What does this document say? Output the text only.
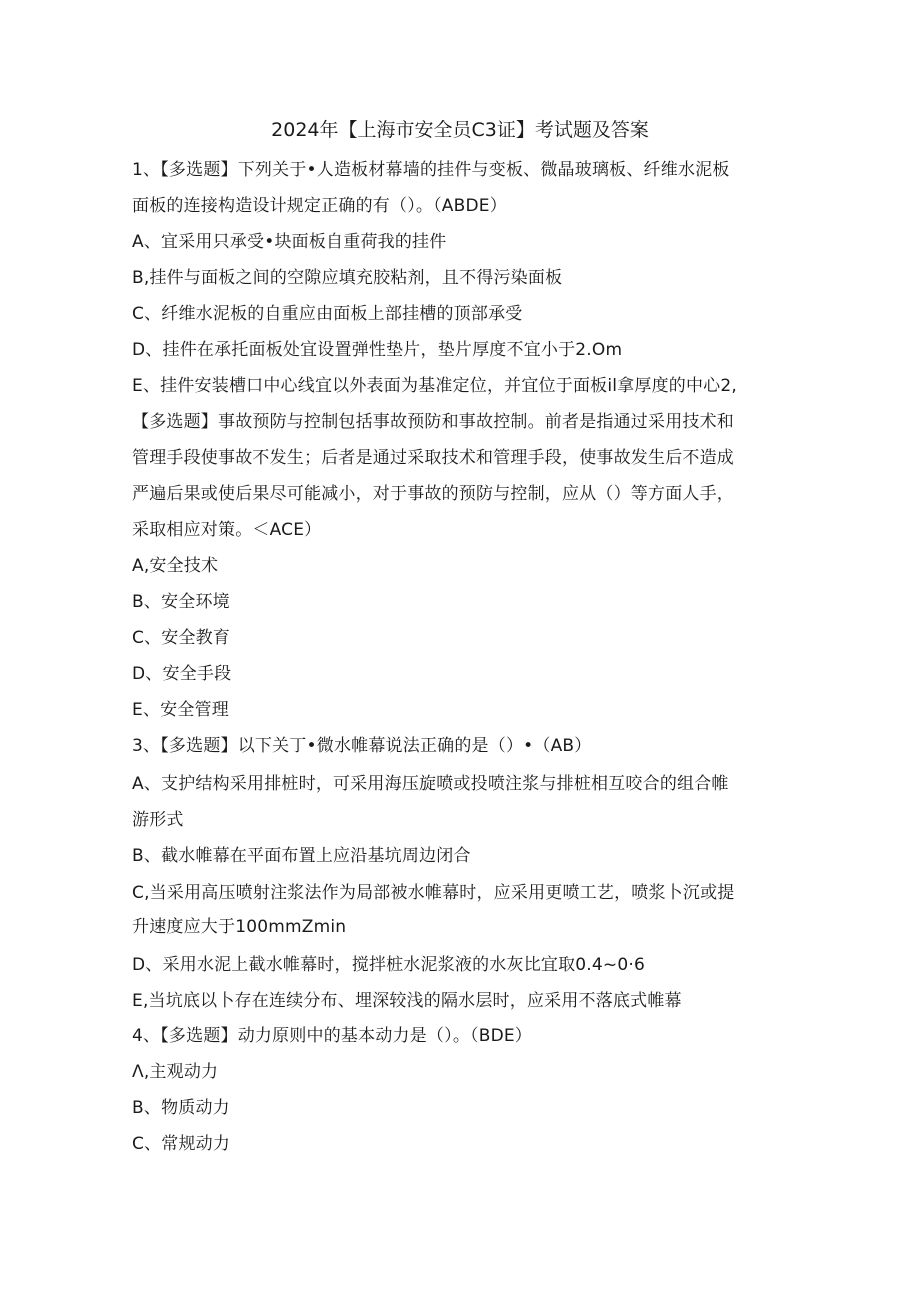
2024年【上海市安全员C3证】考试题及答案
1、【多选题】下列关于•人造板材幕墙的挂件与变板、微晶玻璃板、纤维水泥板
面板的连接构造设计规定正确的有（）。（ABDE）
A、宜采用只承受•块面板自重荷我的挂件
B,挂件与面板之间的空隙应填充胶粘剂，且不得污染面板
C、纤维水泥板的自重应由面板上部挂槽的顶部承受
D、挂件在承托面板处宜设置弹性垫片，垫片厚度不宜小于2.Om
E、挂件安装槽口中心线宜以外表面为基准定位，并宜位于面板il拿厚度的中心2,
【多选题】事故预防与控制包括事故预防和事故控制。前者是指通过采用技术和
管理手段使事故不发生；后者是通过采取技术和管理手段，使事故发生后不造成
严遍后果或使后果尽可能减小，对于事故的预防与控制，应从（）等方面人手，
采取相应对策。＜ACE）
A,安全技术
B、安全环境
C、安全教育
D、安全手段
E、安全管理
3、【多选题】以下关丁•微水帷幕说法正确的是（）•（AB）
A、支护结构采用排桩时，可采用海压旋喷或投喷注浆与排桩相互咬合的组合帷
游形式
B、截水帷幕在平面布置上应沿基坑周边闭合
C,当采用高压喷射注浆法作为局部被水帷幕时，应采用更喷工艺，喷浆卜沉或提
升速度应大于100mmZmin
D、采用水泥上截水帷幕时，搅拌桩水泥浆液的水灰比宜取0.4~0·6
E,当坑底以卜存在连续分布、埋深较浅的隔水层时，应采用不落底式帷幕
4、【多选题】动力原则中的基本动力是（）。（BDE）
Λ,主观动力
B、物质动力
C、常规动力
